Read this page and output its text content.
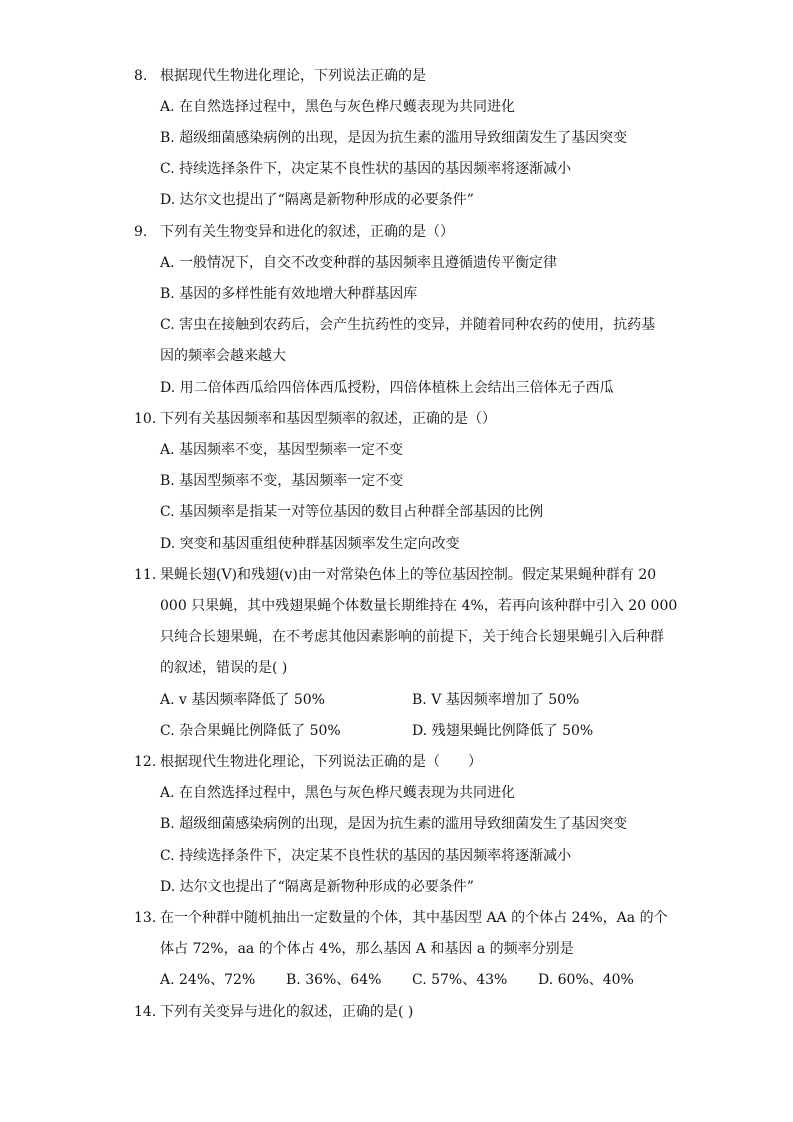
8. 根据现代生物进化理论，下列说法正确的是
A. 在自然选择过程中，黑色与灰色桦尺蠖表现为共同进化
B. 超级细菌感染病例的出现，是因为抗生素的滥用导致细菌发生了基因突变
C. 持续选择条件下，决定某不良性状的基因的基因频率将逐渐减小
D. 达尔文也提出了“隔离是新物种形成的必要条件”
9. 下列有关生物变异和进化的叙述，正确的是（）
A. 一般情况下，自交不改变种群的基因频率且遵循遗传平衡定律
B. 基因的多样性能有效地增大种群基因库
C. 害虫在接触到农药后，会产生抗药性的变异，并随着同种农药的使用，抗药基
因的频率会越来越大
D. 用二倍体西瓜给四倍体西瓜授粉，四倍体植株上会结出三倍体无子西瓜
10. 下列有关基因频率和基因型频率的叙述，正确的是（）
A. 基因频率不变，基因型频率一定不变
B. 基因型频率不变，基因频率一定不变
C. 基因频率是指某一对等位基因的数目占种群全部基因的比例
D. 突变和基因重组使种群基因频率发生定向改变
11. 果蝇长翅(V)和残翅(v)由一对常染色体上的等位基因控制。假定某果蝇种群有 20
000 只果蝇，其中残翅果蝇个体数量长期维持在 4%，若再向该种群中引入 20 000
只纯合长翅果蝇，在不考虑其他因素影响的前提下，关于纯合长翅果蝇引入后种群
的叙述，错误的是( )
A. v 基因频率降低了 50%	B. V 基因频率增加了 50%
C. 杂合果蝇比例降低了 50%	D. 残翅果蝇比例降低了 50%
12. 根据现代生物进化理论，下列说法正确的是（　　）
A. 在自然选择过程中，黑色与灰色桦尺蠖表现为共同进化
B. 超级细菌感染病例的出现，是因为抗生素的滥用导致细菌发生了基因突变
C. 持续选择条件下，决定某不良性状的基因的基因频率将逐渐减小
D. 达尔文也提出了“隔离是新物种形成的必要条件”
13. 在一个种群中随机抽出一定数量的个体，其中基因型 AA 的个体占 24%，Aa 的个
体占 72%，aa 的个体占 4%，那么基因 A 和基因 a 的频率分别是
A. 24%、72% B. 36%、64% C. 57%、43% D. 60%、40%
14. 下列有关变异与进化的叙述，正确的是( )
